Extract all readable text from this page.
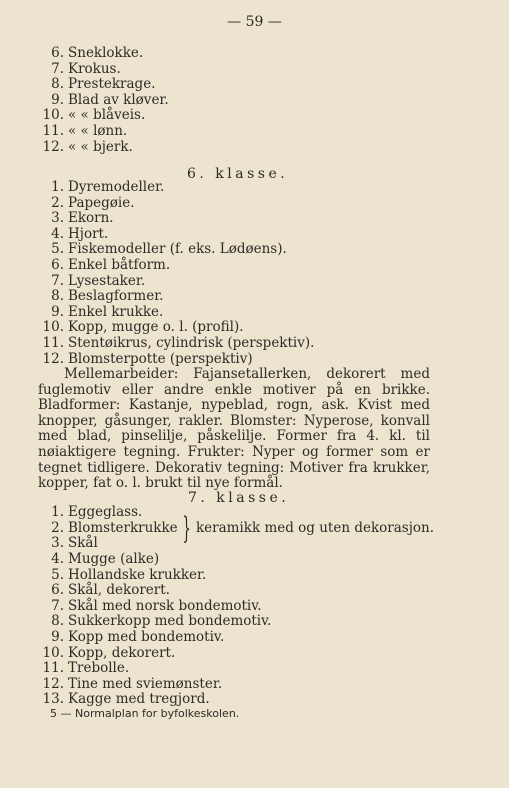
— 59 —
6. Sneklokke.
7. Krokus.
8. Prestekrage.
9. Blad av kløver.
10. « « blåveis.
11. « « lønn.
12. « « bjerk.
6. klasse.
1. Dyremodeller.
2. Papegøie.
3. Ekorn.
4. Hjort.
5. Fiskemodeller (f. eks. Lødøens).
6. Enkel båtform.
7. Lysestaker.
8. Beslagformer.
9. Enkel krukke.
10. Kopp, mugge o. l. (profil).
11. Stentøikrus, cylindrisk (perspektiv).
12. Blomsterpotte (perspektiv)
Mellemarbeider: Fajansetallerken, dekorert med fuglemotiv eller andre enkle motiver på en brikke. Bladformer: Kastanje, nypeblad, rogn, ask. Kvist med knopper, gåsunger, rakler. Blomster: Nyperose, konvall med blad, pinselilje, påskelilje. Former fra 4. kl. til nøiaktigere tegning. Frukter: Nyper og former som er tegnet tidligere. Dekorativ tegning: Motiver fra krukker, kopper, fat o. l. brukt til nye formål.
7. klasse.
1. Eggeglass.
2. Blomsterkrukke
3. Skål	} keramikk med og uten dekorasjon.
4. Mugge (alke)
5. Hollandske krukker.
6. Skål, dekorert.
7. Skål med norsk bondemotiv.
8. Sukkerkopp med bondemotiv.
9. Kopp med bondemotiv.
10. Kopp, dekorert.
11. Trebolle.
12. Tine med sviemønster.
13. Kagge med tregjord.
5 — Normalplan for byfolkeskolen.
